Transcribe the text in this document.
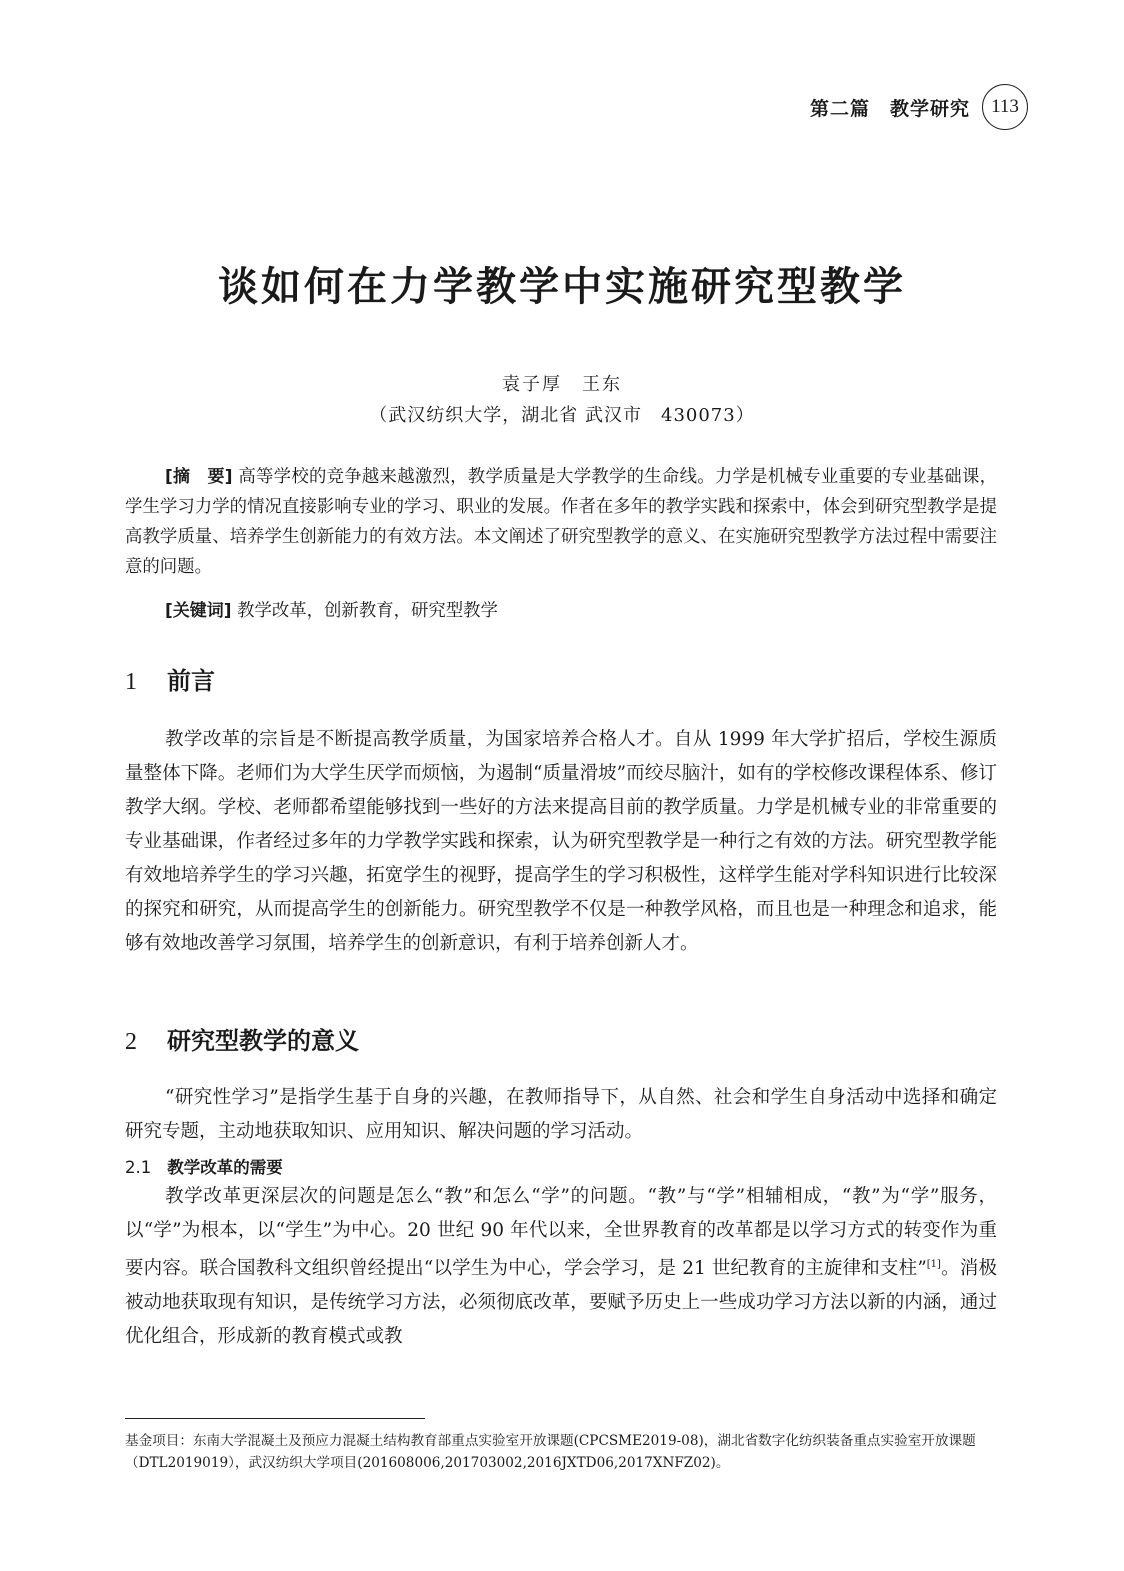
第二篇　教学研究	113
谈如何在力学教学中实施研究型教学
袁子厚　王东
（武汉纺织大学，湖北省 武汉市　430073）

[摘　要] 高等学校的竞争越来越激烈，教学质量是大学教学的生命线。力学是机械专业重要的专业基础课，学生学习力学的情况直接影响专业的学习、职业的发展。作者在多年的教学实践和探索中，体会到研究型教学是提高教学质量、培养学生创新能力的有效方法。本文阐述了研究型教学的意义、在实施研究型教学方法过程中需要注意的问题。

[关键词] 教学改革，创新教育，研究型教学
1	前言

教学改革的宗旨是不断提高教学质量，为国家培养合格人才。自从 1999 年大学扩招后，学校生源质量整体下降。老师们为大学生厌学而烦恼，为遏制“质量滑坡”而绞尽脑汁，如有的学校修改课程体系、修订教学大纲。学校、老师都希望能够找到一些好的方法来提高目前的教学质量。力学是机械专业的非常重要的专业基础课，作者经过多年的力学教学实践和探索，认为研究型教学是一种行之有效的方法。研究型教学能有效地培养学生的学习兴趣，拓宽学生的视野，提高学生的学习积极性，这样学生能对学科知识进行比较深的探究和研究，从而提高学生的创新能力。研究型教学不仅是一种教学风格，而且也是一种理念和追求，能够有效地改善学习氛围，培养学生的创新意识，有利于培养创新人才。

2	研究型教学的意义

“研究性学习”是指学生基于自身的兴趣，在教师指导下，从自然、社会和学生自身活动中选择和确定研究专题，主动地获取知识、应用知识、解决问题的学习活动。

2.1 教学改革的需要

教学改革更深层次的问题是怎么“教”和怎么“学”的问题。“教”与“学”相辅相成，“教”为“学”服务，以“学”为根本，以“学生”为中心。20 世纪 90 年代以来，全世界教育的改革都是以学习方式的转变作为重要内容。联合国教科文组织曾经提出“以学生为中心，学会学习，是 21 世纪教育的主旋律和支柱”[1]。消极被动地获取现有知识，是传统学习方法，必须彻底改革，要赋予历史上一些成功学习方法以新的内涵，通过优化组合，形成新的教育模式或教

基金项目：东南大学混凝土及预应力混凝土结构教育部重点实验室开放课题(CPCSME2019-08)，湖北省数字化纺织装备重点实验室开放课题（DTL2019019），武汉纺织大学项目(201608006,201703002,2016JXTD06,2017XNFZ02)。
